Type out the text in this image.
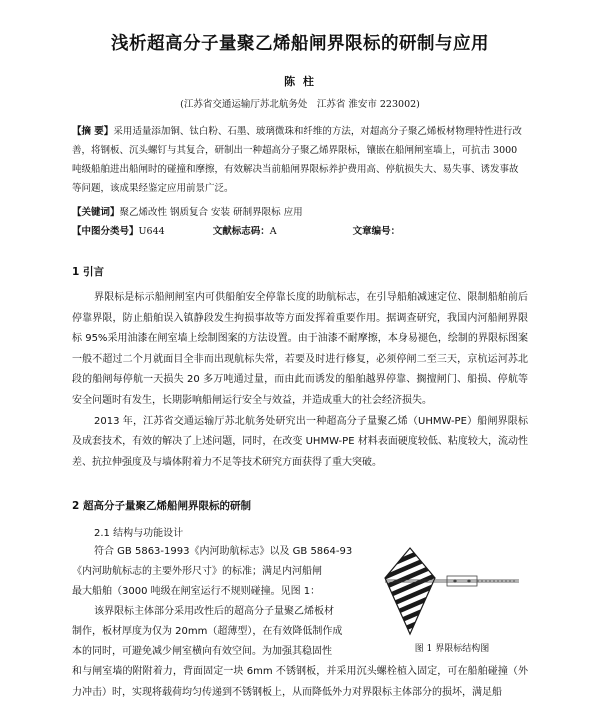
浅析超高分子量聚乙烯船闸界限标的研制与应用
陈 柱
(江苏省交通运输厅苏北航务处　江苏省 淮安市 223002)
【摘 要】采用适量添加铜、钛白粉、石墨、玻璃微珠和纤维的方法，对超高分子聚乙烯板材物理特性进行改善，将钢板、沉头螺钉与其复合，研制出一种超高分子聚乙烯界限标，镶嵌在船闸闸室墙上，可抗击 3000 吨级船舶进出船闸时的碰撞和摩擦，有效解决当前船闸界限标养护费用高、停航损失大、易失事、诱发事故等问题，该成果经鉴定应用前景广泛。
【关键词】聚乙烯改性 钢质复合 安装 研制界限标 应用
【中图分类号】U644	文献标志码：A	文章编号：
1 引言

界限标是标示船闸闸室内可供船舶安全停靠长度的助航标志，在引导船舶减速定位、限制船舶前后停靠界限，防止船舶误入镇静段发生拘损事故等方面发挥着重要作用。据调查研究，我国内河船闸界限标 95%采用油漆在闸室墙上绘制图案的方法设置。由于油漆不耐摩擦，本身易褪色，绘制的界限标图案一般不超过二个月就面目全非而出现航标失常，若要及时进行修复，必须停闸二至三天，京杭运河苏北段的船闸每停航一天损失 20 多万吨通过量，而由此而诱发的船舶越界停靠、搁擅闸门、船损、停航等安全问题时有发生，长期影响船闸运行安全与效益，并造成重大的社会经济损失。

2013 年，江苏省交通运输厅苏北航务处研究出一种超高分子量聚乙烯（UHMW-PE）船闸界限标及成套技术，有效的解决了上述问题，同时，在改变 UHMW-PE 材料表面硬度较低、粘度较大，流动性差、抗拉伸强度及与墙体附着力不足等技术研究方面获得了重大突破。

2 超高分子量聚乙烯船闸界限标的研制
2.1 结构与功能设计
符合 GB 5863-1993《内河助航标志》以及 GB 5864-93
《内河助航标志的主要外形尺寸》的标准；满足内河船闸
最大船舶（3000 吨级在闸室运行不规则碰撞。见图 1：
该界限标主体部分采用改性后的超高分子量聚乙烯板材
制作，板材厚度为仅为 20mm（超薄型），在有效降低制作成
本的同时，可避免减少闸室横向有效空间。为加强其稳固性

和与闸室墙的附附着力，背面固定一块 6mm 不锈钢板，并采用沉头螺栓植入固定，可在船舶碰撞（外力冲击）时，实现将载荷均匀传递到不锈钢板上，从而降低外力对界限标主体部分的损坏，满足船

图 1 界限标结构图
